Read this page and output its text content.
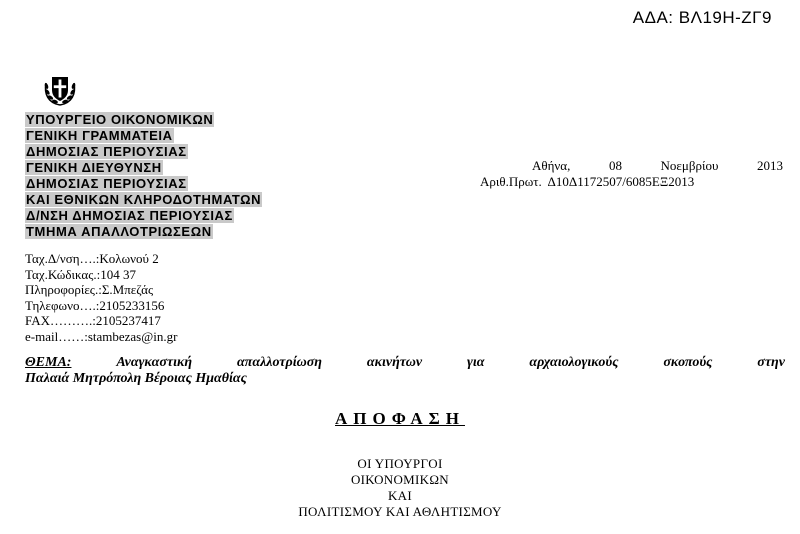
ΑΔΑ: ΒΛ19Η-ΖΓ9
ΥΠΟΥΡΓΕΙΟ ΟΙΚΟΝΟΜΙΚΩΝ
ΓΕΝΙΚΗ ΓΡΑΜΜΑΤΕΙΑ
ΔΗΜΟΣΙΑΣ ΠΕΡΙΟΥΣΙΑΣ
ΓΕΝΙΚΗ ΔΙΕΥΘΥΝΣΗ
ΔΗΜΟΣΙΑΣ ΠΕΡΙΟΥΣΙΑΣ
ΚΑΙ ΕΘΝΙΚΩΝ ΚΛΗΡΟΔΟΤΗΜΑΤΩΝ
Δ/ΝΣΗ ΔΗΜΟΣΙΑΣ ΠΕΡΙΟΥΣΙΑΣ
ΤΜΗΜΑ ΑΠΑΛΛΟΤΡΙΩΣΕΩΝ
Αθήνα,	08	Νοεμβρίου	2013
Αριθ.Πρωτ.  Δ10Δ1172507/6085ΕΞ2013
Ταχ.Δ/νση….:Κολωνού 2
Ταχ.Κώδικας.:104 37
Πληροφορίες.:Σ.Μπεζάς
Τηλεφωνο….:2105233156
FAX……….:2105237417
e-mail……:stambezas@in.gr
ΘΕΜΑ:	Αναγκαστική	απαλλοτρίωση	ακινήτων	για	αρχαιολογικούς	σκοπούς	στην
Παλαιά Μητρόπολη Βέροιας Ημαθίας
ΑΠΟΦΑΣΗ
ΟΙ ΥΠΟΥΡΓΟΙ
ΟΙΚΟΝΟΜΙΚΩΝ
ΚΑΙ
ΠΟΛΙΤΙΣΜΟΥ ΚΑΙ ΑΘΛΗΤΙΣΜΟΥ
